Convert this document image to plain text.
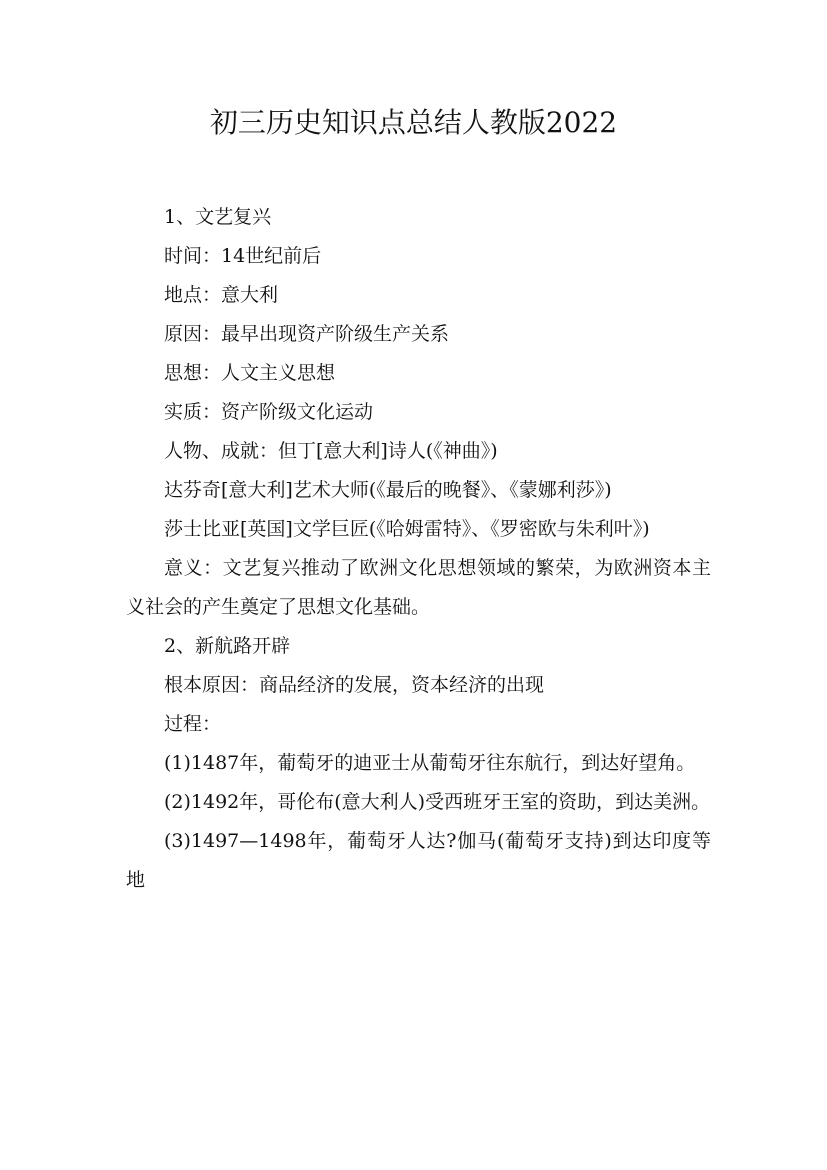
初三历史知识点总结人教版2022

1、文艺复兴

时间：14世纪前后

地点：意大利

原因：最早出现资产阶级生产关系

思想：人文主义思想

实质：资产阶级文化运动

人物、成就：但丁[意大利]诗人(《神曲》)

达芬奇[意大利]艺术大师(《最后的晚餐》、《蒙娜利莎》)

莎士比亚[英国]文学巨匠(《哈姆雷特》、《罗密欧与朱利叶》)

意义：文艺复兴推动了欧洲文化思想领域的繁荣，为欧洲资本主义社会的产生奠定了思想文化基础。

2、新航路开辟

根本原因：商品经济的发展，资本经济的出现

过程：

(1)1487年，葡萄牙的迪亚士从葡萄牙往东航行，到达好望角。

(2)1492年，哥伦布(意大利人)受西班牙王室的资助，到达美洲。

(3)1497—1498年，葡萄牙人达?伽马(葡萄牙支持)到达印度等地
